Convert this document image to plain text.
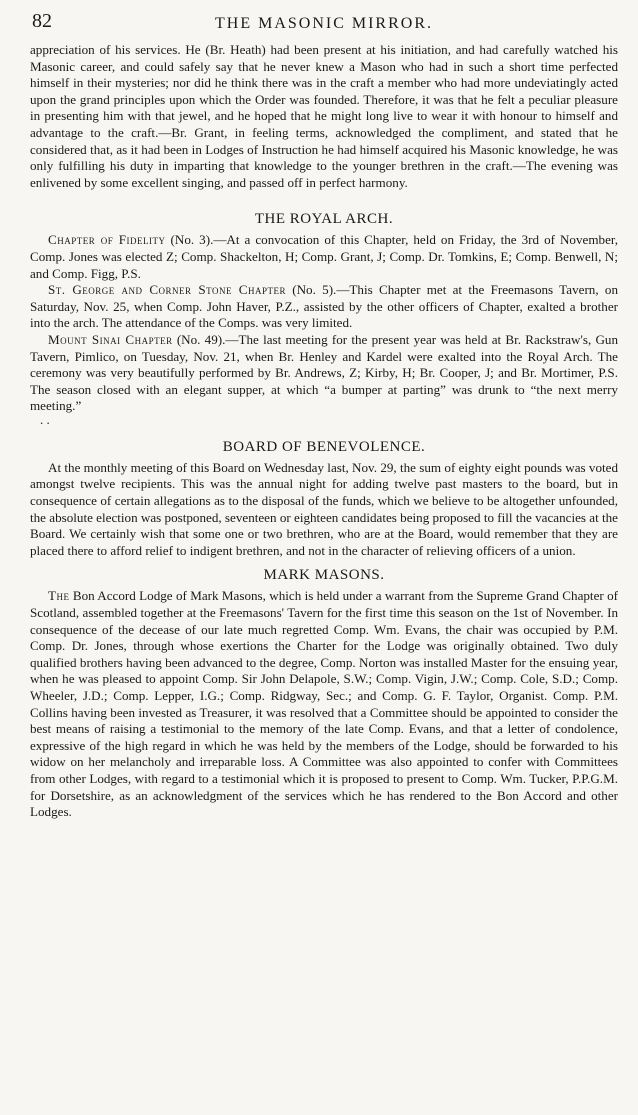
82	THE MASONIC MIRROR.

appreciation of his services. He (Br. Heath) had been present at his initiation, and had carefully watched his Masonic career, and could safely say that he never knew a Mason who had in such a short time perfected himself in their mysteries; nor did he think there was in the craft a member who had more undeviatingly acted upon the grand principles upon which the Order was founded. Therefore, it was that he felt a peculiar pleasure in presenting him with that jewel, and he hoped that he might long live to wear it with honour to himself and advantage to the craft.—Br. Grant, in feeling terms, acknowledged the compliment, and stated that he considered that, as it had been in Lodges of Instruction he had himself acquired his Masonic knowledge, he was only fulfilling his duty in imparting that knowledge to the younger brethren in the craft.—The evening was enlivened by some excellent singing, and passed off in perfect harmony.

THE ROYAL ARCH.

Chapter of Fidelity (No. 3).—At a convocation of this Chapter, held on Friday, the 3rd of November, Comp. Jones was elected Z; Comp. Shackelton, H; Comp. Grant, J; Comp. Dr. Tomkins, E; Comp. Benwell, N; and Comp. Figg, P.S.

St. George and Corner Stone Chapter (No. 5).—This Chapter met at the Freemasons Tavern, on Saturday, Nov. 25, when Comp. John Haver, P.Z., assisted by the other officers of Chapter, exalted a brother into the arch. The attendance of the Comps. was very limited.

Mount Sinai Chapter (No. 49).—The last meeting for the present year was held at Br. Rackstraw's, Gun Tavern, Pimlico, on Tuesday, Nov. 21, when Br. Henley and Kardel were exalted into the Royal Arch. The ceremony was very beautifully performed by Br. Andrews, Z; Kirby, H; Br. Cooper, J; and Br. Mortimer, P.S. The season closed with an elegant supper, at which “a bumper at parting” was drunk to “the next merry meeting.”

. .
BOARD OF BENEVOLENCE.

At the monthly meeting of this Board on Wednesday last, Nov. 29, the sum of eighty eight pounds was voted amongst twelve recipients. This was the annual night for adding twelve past masters to the board, but in consequence of certain allegations as to the disposal of the funds, which we believe to be altogether unfounded, the absolute election was postponed, seventeen or eighteen candidates being proposed to fill the vacancies at the Board. We certainly wish that some one or two brethren, who are at the Board, would remember that they are placed there to afford relief to indigent brethren, and not in the character of relieving officers of a union.

MARK MASONS.

The Bon Accord Lodge of Mark Masons, which is held under a warrant from the Supreme Grand Chapter of Scotland, assembled together at the Freemasons' Tavern for the first time this season on the 1st of November. In consequence of the decease of our late much regretted Comp. Wm. Evans, the chair was occupied by P.M. Comp. Dr. Jones, through whose exertions the Charter for the Lodge was originally obtained. Two duly qualified brothers having been advanced to the degree, Comp. Norton was installed Master for the ensuing year, when he was pleased to appoint Comp. Sir John Delapole, S.W.; Comp. Vigin, J.W.; Comp. Cole, S.D.; Comp. Wheeler, J.D.; Comp. Lepper, I.G.; Comp. Ridgway, Sec.; and Comp. G. F. Taylor, Organist. Comp. P.M. Collins having been invested as Treasurer, it was resolved that a Committee should be appointed to consider the best means of raising a testimonial to the memory of the late Comp. Evans, and that a letter of condolence, expressive of the high regard in which he was held by the members of the Lodge, should be forwarded to his widow on her melancholy and irreparable loss. A Committee was also appointed to confer with Committees from other Lodges, with regard to a testimonial which it is proposed to present to Comp. Wm. Tucker, P.P.G.M. for Dorsetshire, as an acknowledgment of the services which he has rendered to the Bon Accord and other Lodges.
